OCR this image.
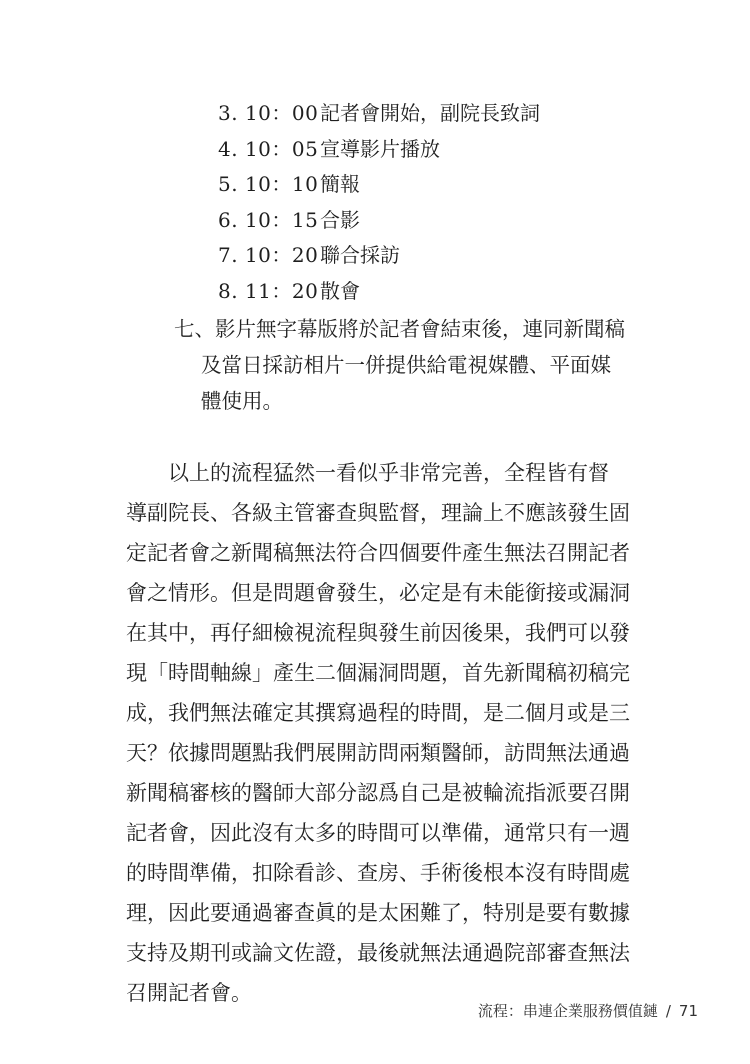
3. 10：00記者會開始，副院長致詞
4. 10：05宣導影片播放
5. 10：10簡報
6. 10：15合影
7. 10：20聯合採訪
8. 11：20散會
七、影片無字幕版將於記者會結束後，連同新聞稿
及當日採訪相片一併提供給電視媒體、平面媒
體使用。
以上的流程猛然一看似乎非常完善，全程皆有督
導副院長、各級主管審查與監督，理論上不應該發生固
定記者會之新聞稿無法符合四個要件產生無法召開記者
會之情形。但是問題會發生，必定是有未能銜接或漏洞
在其中，再仔細檢視流程與發生前因後果，我們可以發
現「時間軸線」產生二個漏洞問題，首先新聞稿初稿完
成，我們無法確定其撰寫過程的時間，是二個月或是三
天？依據問題點我們展開訪問兩類醫師，訪問無法通過
新聞稿審核的醫師大部分認爲自己是被輪流指派要召開
記者會，因此沒有太多的時間可以準備，通常只有一週
的時間準備，扣除看診、查房、手術後根本沒有時間處
理，因此要通過審查眞的是太困難了，特別是要有數據
支持及期刊或論文佐證，最後就無法通過院部審查無法
召開記者會。
流程：串連企業服務價值鏈 / 71
